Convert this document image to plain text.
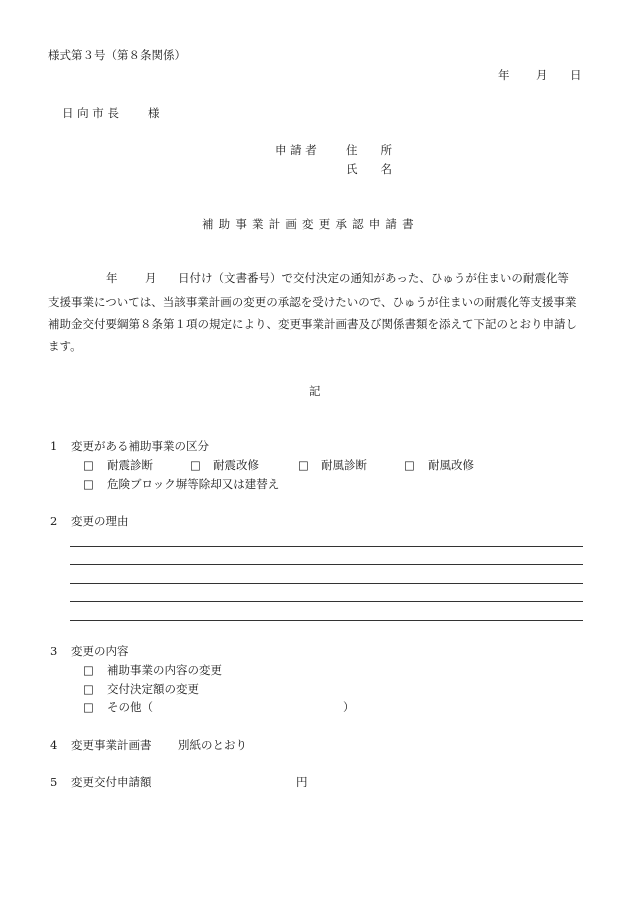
様式第３号（第８条関係）
年 月 日
日 向 市 長	様
申 請 者	住　　所
氏　　名
補助事業計画変更承認申請書
年 月 日付け（文書番号）で交付決定の通知があった、ひゅうが住まいの耐震化等
支援事業については、当該事業計画の変更の承認を受けたいので、ひゅうが住まいの耐震化等支援事業補助金交付要綱第８条第１項の規定により、変更事業計画書及び関係書類を添えて下記のとおり申請します。
記
1 変更がある補助事業の区分
□ 耐震診断	□ 耐震改修	□ 耐風診断	□ 耐風改修
□ 危険ブロック塀等除却又は建替え
2 変更の理由
3 変更の内容
□ 補助事業の内容の変更
□ 交付決定額の変更
□ その他（	）
4 変更事業計画書 別紙のとおり
5 変更交付申請額	円
